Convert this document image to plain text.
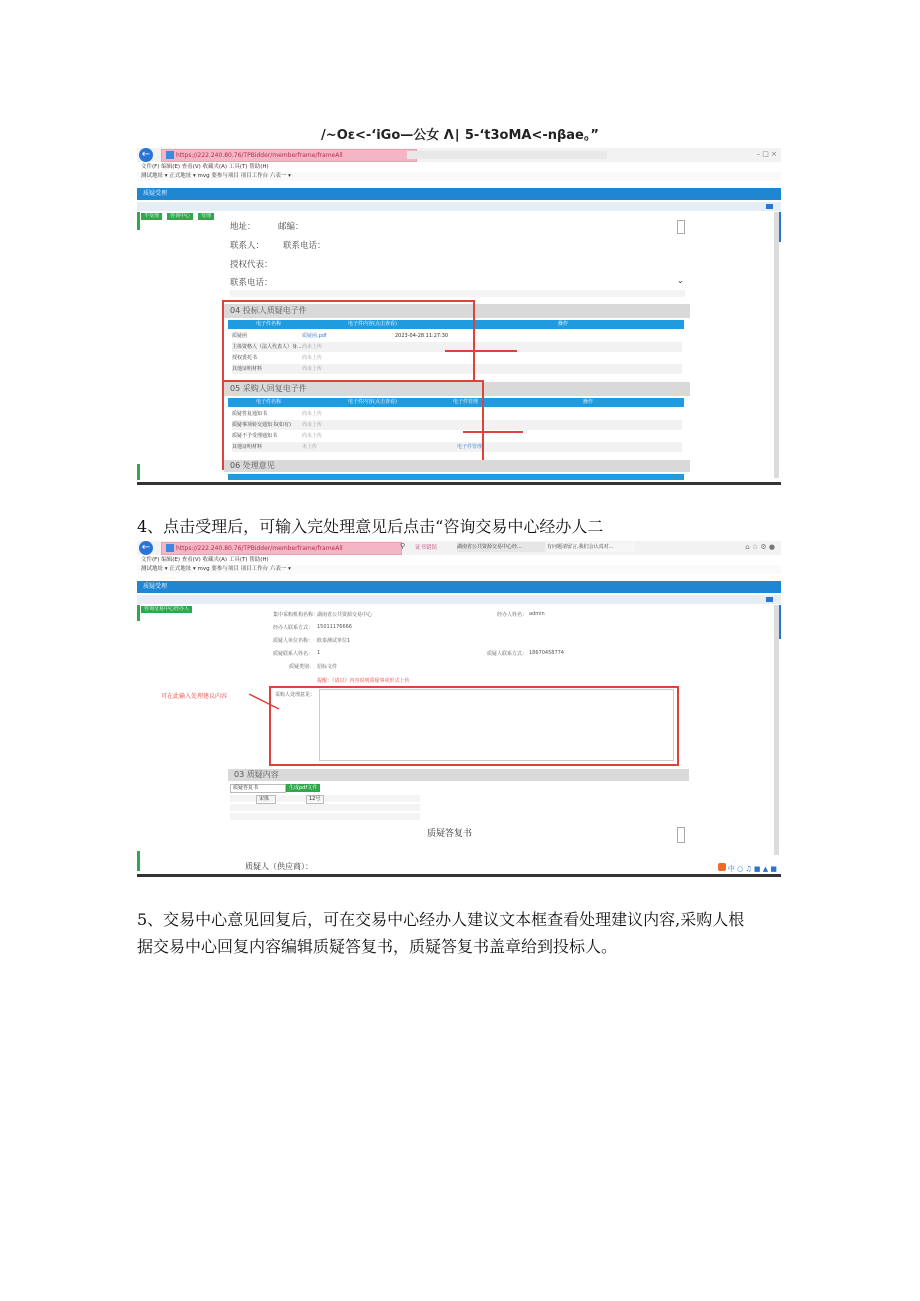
/~Oε<-‘iGo—公女 Λ∣ 5-‘t3oMA<-nβae。”
←	https://222.240.80.76/TPBidder/memberframe/frameAll	– □ ×
文件(F) 编辑(E) 查看(V) 收藏夹(A) 工具(T) 帮助(H)
测试地址 ▾ 正式地址 ▾ mvg 要参与项目 项目工作台 六表一 ▾
质疑受理
不受理 咨询中心 受理
地址：	邮编：
联系人： 联系电话：
授权代表：
联系电话：	⌄
04 投标人质疑电子件
电子件名称	电子件内容(点击查看)	操作
质疑函	质疑函.pdf	2023-04-28 11:27:30
主体资格人（法人代表人）身... 尚未上传
授权委托书	尚未上传
其他证明材料	尚未上传
05 采购人回复电子件
电子件名称	电子件内容(点击查看)	电子件管理	操作
质疑答复通知书	尚未上传
质疑事项转交通知书(如有) 尚未上传
质疑不予受理通知书	尚未上传
其他证明材料	未上传	电子件管理
06 处理意见
4、点击受理后，可输入完处理意见后点击“咨询交易中心经办人二
←	https://222.240.80.76/TPBidder/memberframe/frameAll	⚲ 证书错误	湖南省公共资源交易中心经...	有问题请留言,我们会认真对...	⌂ ☆ ⚙ ●
文件(F) 编辑(E) 查看(V) 收藏夹(A) 工具(T) 帮助(H)
测试地址 ▾ 正式地址 ▾ mvg 要参与项目 项目工作台 六表一 ▾
质疑受理
咨询交易中心经办人
集中采购机构名称：
湖南省公共资源交易中心	经办人姓名： admin
经办人联系方式： 15011176666
质疑人单位名称： 欧泰测试单位1
质疑联系人姓名： 1	质疑人联系方式： 18670458774
质疑类别： 招标文件
提醒：《请以》内容说明质疑事项形式上传
采购人处理意见：
可在此输入处理建议内容
03 质疑内容
质疑答复书	生成pdf文件
宋体	12号
质疑答复书
质疑人（供应商）：	中 ○ ♫ ■ ▲ ■
5、交易中心意见回复后，可在交易中心经办人建议文本框查看处理建议内容,采购人根
据交易中心回复内容编辑质疑答复书，质疑答复书盖章给到投标人。
